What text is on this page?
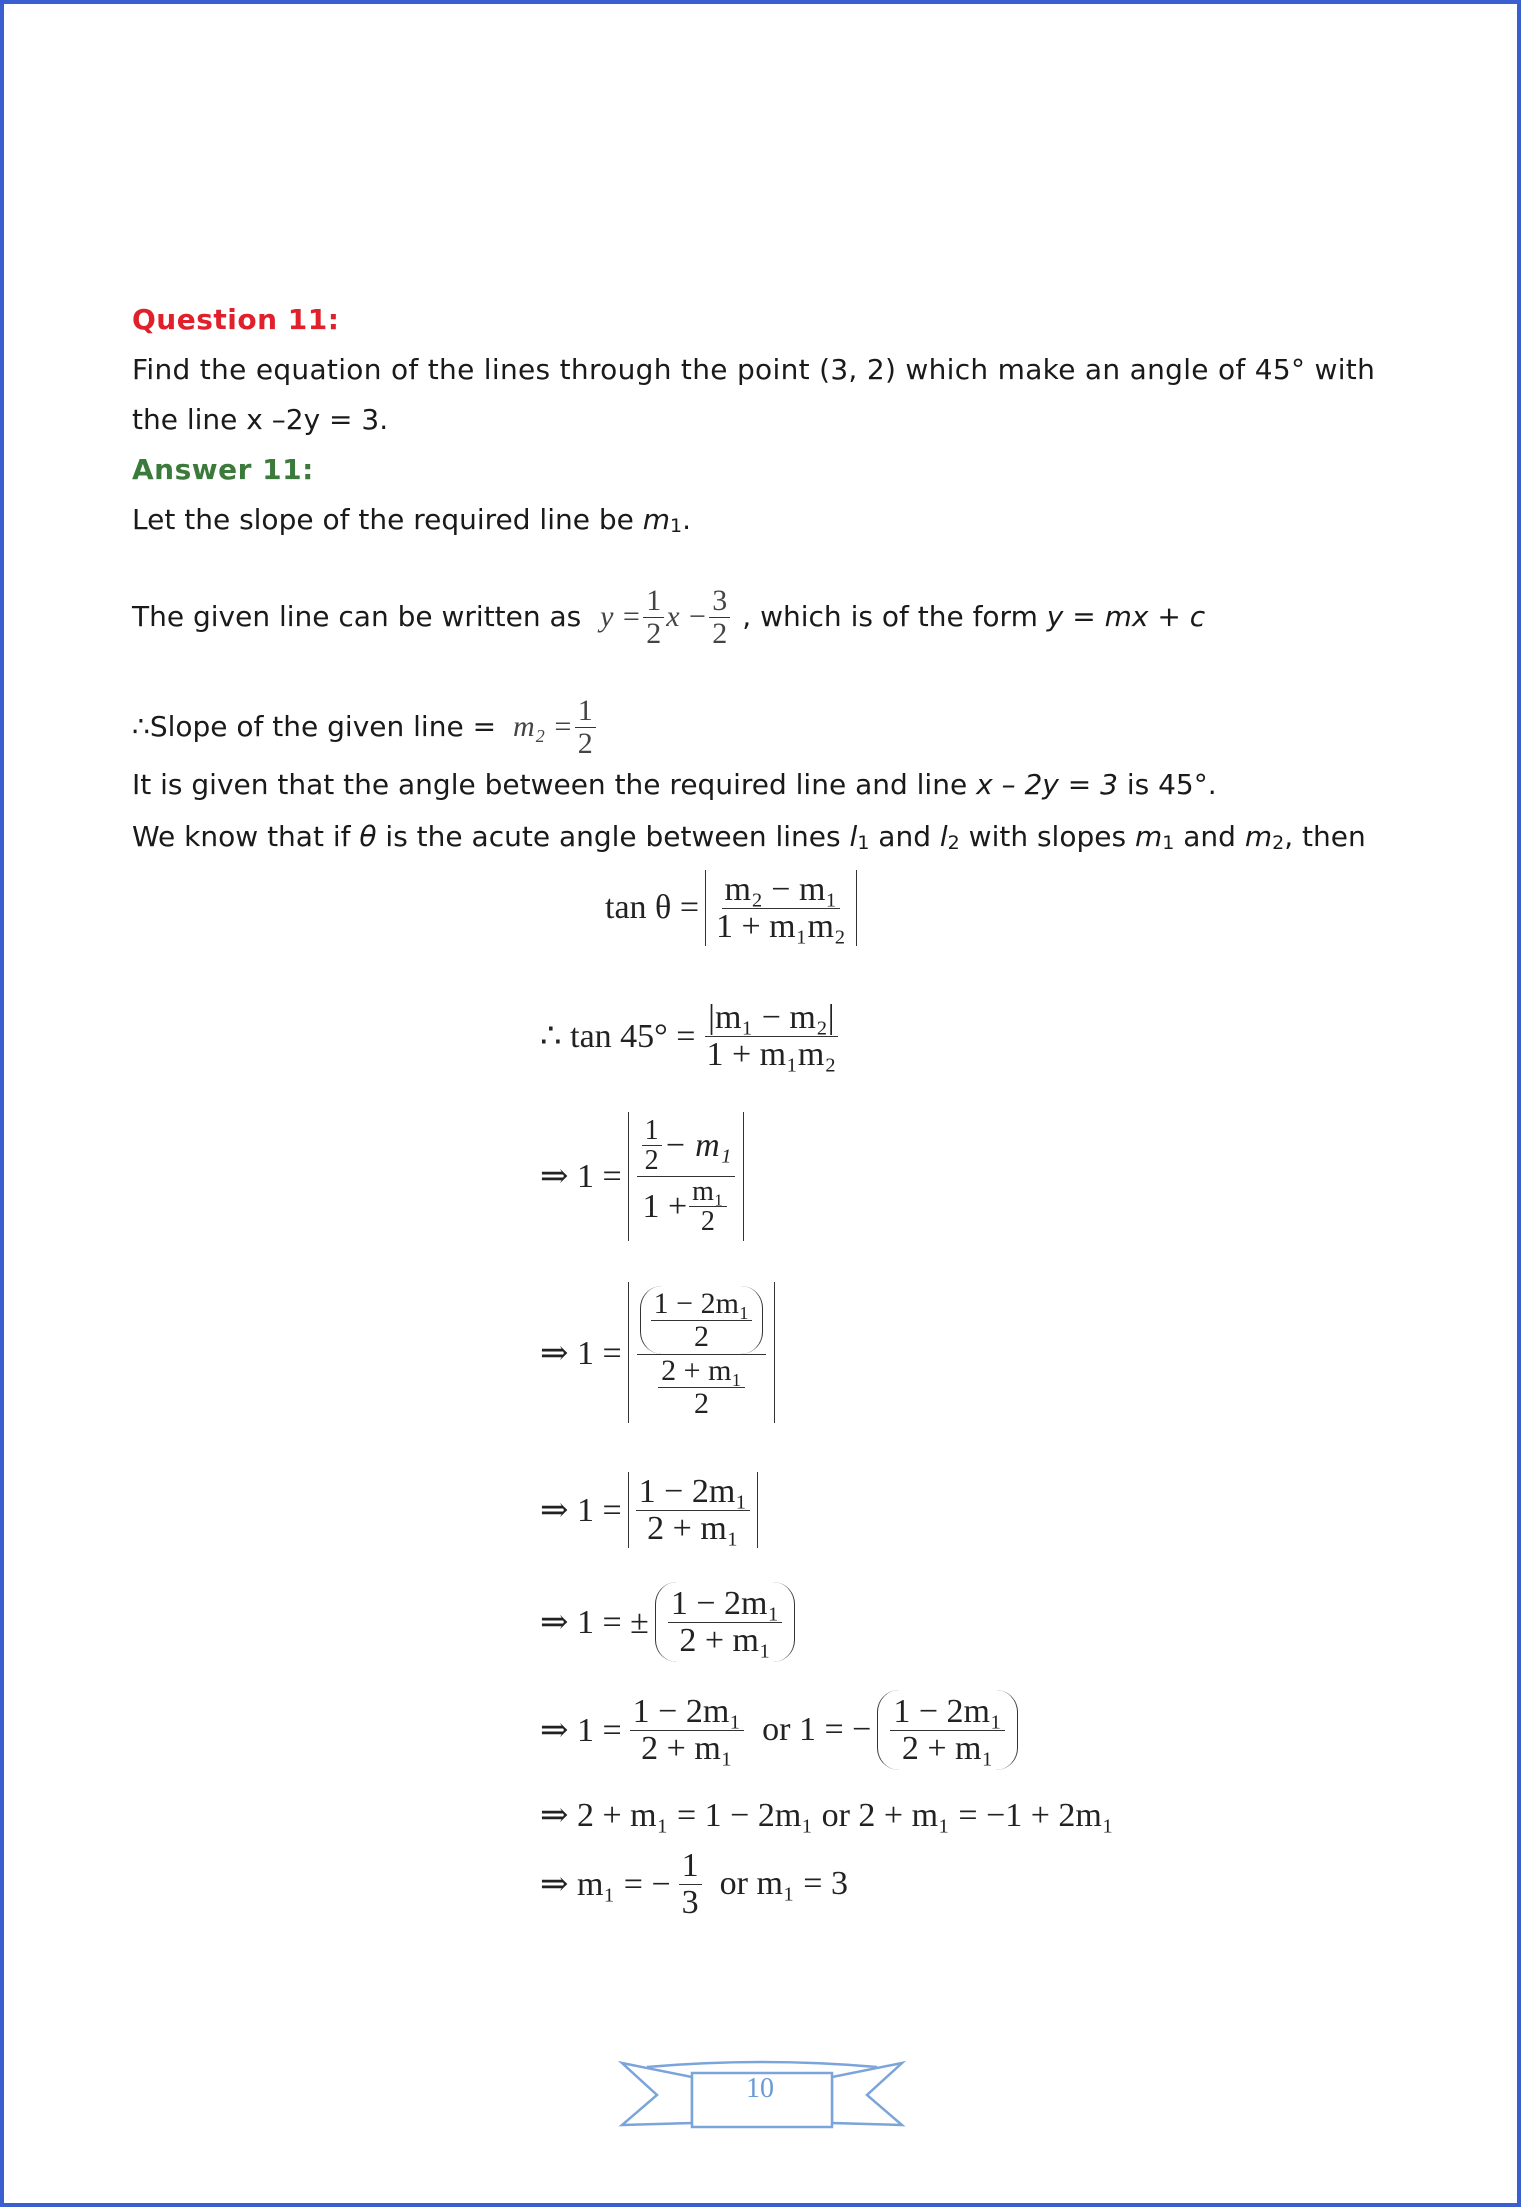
Question 11:
Find the equation of the lines through the point (3, 2) which make an angle of 45° with
the line x –2y = 3.
Answer 11:
Let the slope of the required line be $m_1$.
The given line can be written as $y = \frac{1}{2}$ $x - \frac{3}{2}$ , which is of the form y = mx + c
∴Slope of the given line = $m_2 = \frac{1}{2}$
It is given that the angle between the required line and line x – 2y = 3 is 45°.
We know that if θ is the acute angle between lines $l_1$ and $l_2$ with slopes $m_1$ and $m_2$, then
$\tan \theta = \frac{\text{m₂ − m₁}}{\text{1 + m₁m₂}}$
∴ $\tan 45^\circ = \frac{\text{|m₁ − m₂|}}{\text{1 + m₁m₂}}$
⇒ $1 = \frac{\frac{1}{2} - m_1}{1 + \frac{\text{m₁}}{2}}$
⇒ $1 = \frac{\frac{\text{1 − 2m₁}}{2}}{\frac{\text{2 + m₁}}{2}}$
⇒ $1 = \frac{\text{1 − 2m₁}}{\text{2 + m₁}}$
⇒ 1 = ± $\frac{\text{1 − 2m₁}}{\text{2 + m₁}}$
⇒ $1 = \frac{\text{1 − 2m₁}}{\text{2 + m₁}}$ or 1 = − $\frac{\text{1 − 2m₁}}{\text{2 + m₁}}$
⇒ 2 + m₁ = 1 − 2m₁ or 2 + m₁ = −1 + 2m₁
⇒ m₁ = − $\frac{1}{3}$ or m₁ = 3
10
